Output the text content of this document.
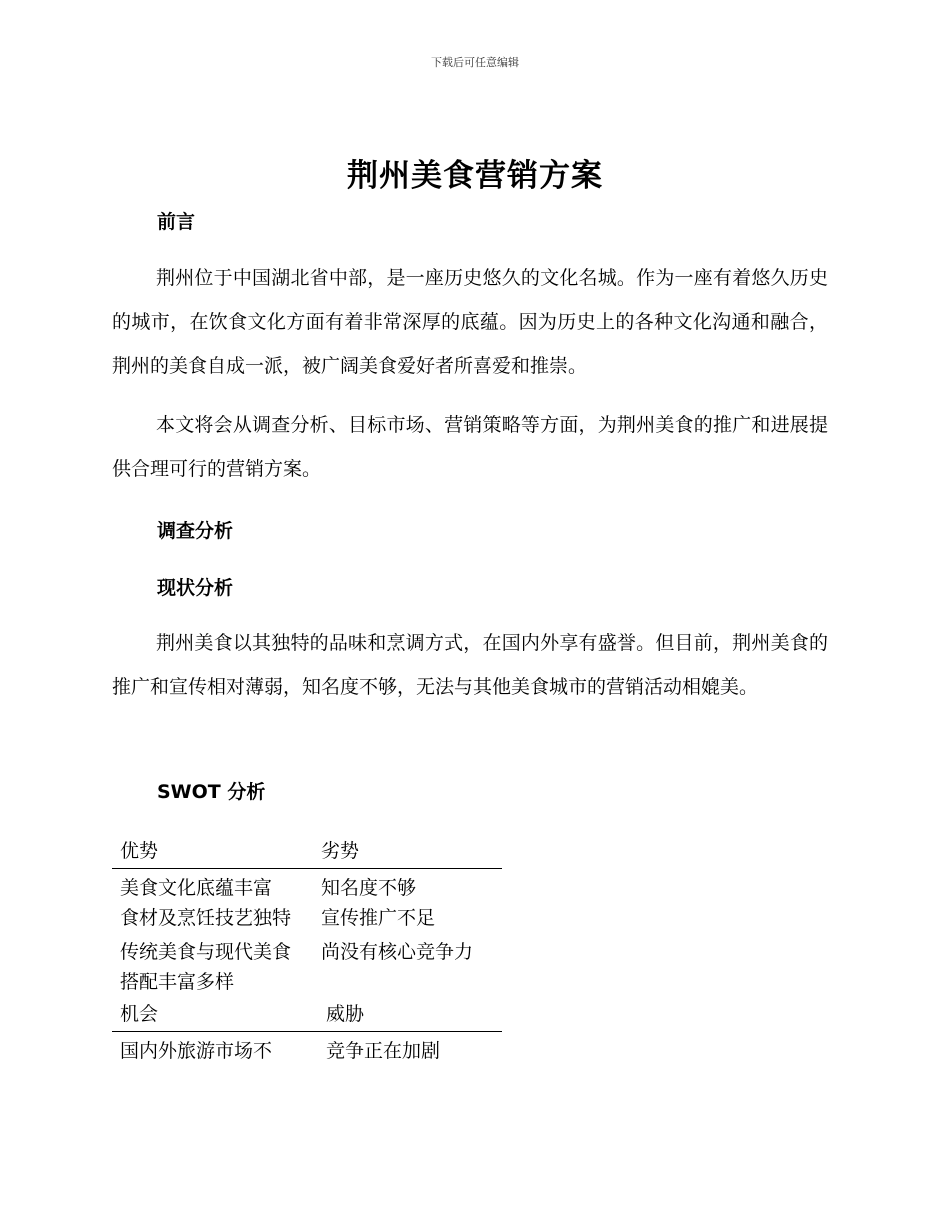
下载后可任意编辑
荆州美食营销方案
前言

荆州位于中国湖北省中部，是一座历史悠久的文化名城。作为一座有着悠久历史的城市，在饮食文化方面有着非常深厚的底蕴。因为历史上的各种文化沟通和融合，荆州的美食自成一派，被广阔美食爱好者所喜爱和推崇。

本文将会从调查分析、目标市场、营销策略等方面，为荆州美食的推广和进展提供合理可行的营销方案。

调查分析
现状分析

荆州美食以其独特的品味和烹调方式，在国内外享有盛誉。但目前，荆州美食的推广和宣传相对薄弱，知名度不够，无法与其他美食城市的营销活动相媲美。

SWOT 分析
优势	劣势
美食文化底蕴丰富	知名度不够
食材及烹饪技艺独特	宣传推广不足
传统美食与现代美食搭配丰富多样	尚没有核心竞争力
机会	威胁
国内外旅游市场不	竞争正在加剧
